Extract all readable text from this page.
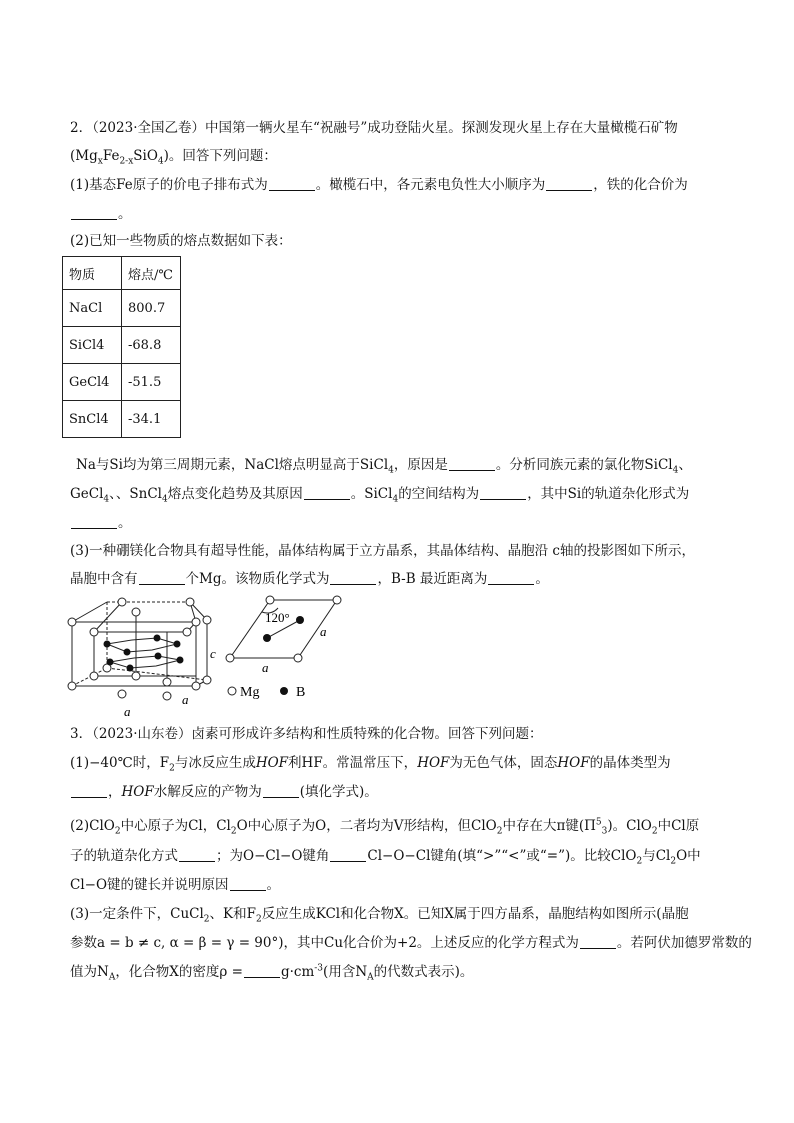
2．（2023·全国乙卷）中国第一辆火星车“祝融号”成功登陆火星。探测发现火星上存在大量橄榄石矿物
$(Mg_xFe_{2-x}SiO_4)$。回答下列问题：
(1)基态Fe原子的价电子排布式为	。橄榄石中，各元素电负性大小顺序为	，铁的化合价为
。
(2)已知一些物质的熔点数据如下表：
物质	熔点/℃
NaCl	800.7
SiCl4	-68.8
GeCl4	-51.5
SnCl4	-34.1
Na与Si均为第三周期元素，NaCl熔点明显高于SiCl$_4$，原因是	。分析同族元素的氯化物SiCl$_4$、
GeCl$_4$、、SnCl$_4$熔点变化趋势及其原因	。SiCl$_4$的空间结构为	，其中Si的轨道杂化形式为
。
(3)一种硼镁化合物具有超导性能，晶体结构属于立方晶系，其晶体结构、晶胞沿 c轴的投影图如下所示，
晶胞中含有	个Mg。该物质化学式为	，B-B 最近距离为	。
c
a
a
120°
a
a
Mg	B
3．（2023·山东卷）卤素可形成许多结构和性质特殊的化合物。回答下列问题：
(1)−40℃时，$F_2$与冰反应生成HOF利HF。常温常压下，HOF为无色气体，固态HOF的晶体类型为
，HOF水解反应的产物为	(填化学式)。
(2)ClO$_2$中心原子为Cl，$Cl_2O$中心原子为O，二者均为V形结构，但ClO$_2$中存在大π键$(\Pi^5_3)$。ClO$_2$中Cl原
子的轨道杂化方式	；为O−Cl−O键角	Cl−O−Cl键角(填“>”“<”或“=”)。比较ClO$_2$与$Cl_2O$中
Cl−O键的键长并说明原因	。
(3)一定条件下，CuCl$_2$、K和$F_2$反应生成KCl和化合物X。已知X属于四方晶系，晶胞结构如图所示(晶胞
参数a = b ≠ c, α = β = γ = 90°)，其中Cu化合价为+2。上述反应的化学方程式为	。若阿伏加德罗常数的
值为$N_A$，化合物X的密度ρ =	$g\cdot cm^{-3}$(用含$N_A$的代数式表示)。
